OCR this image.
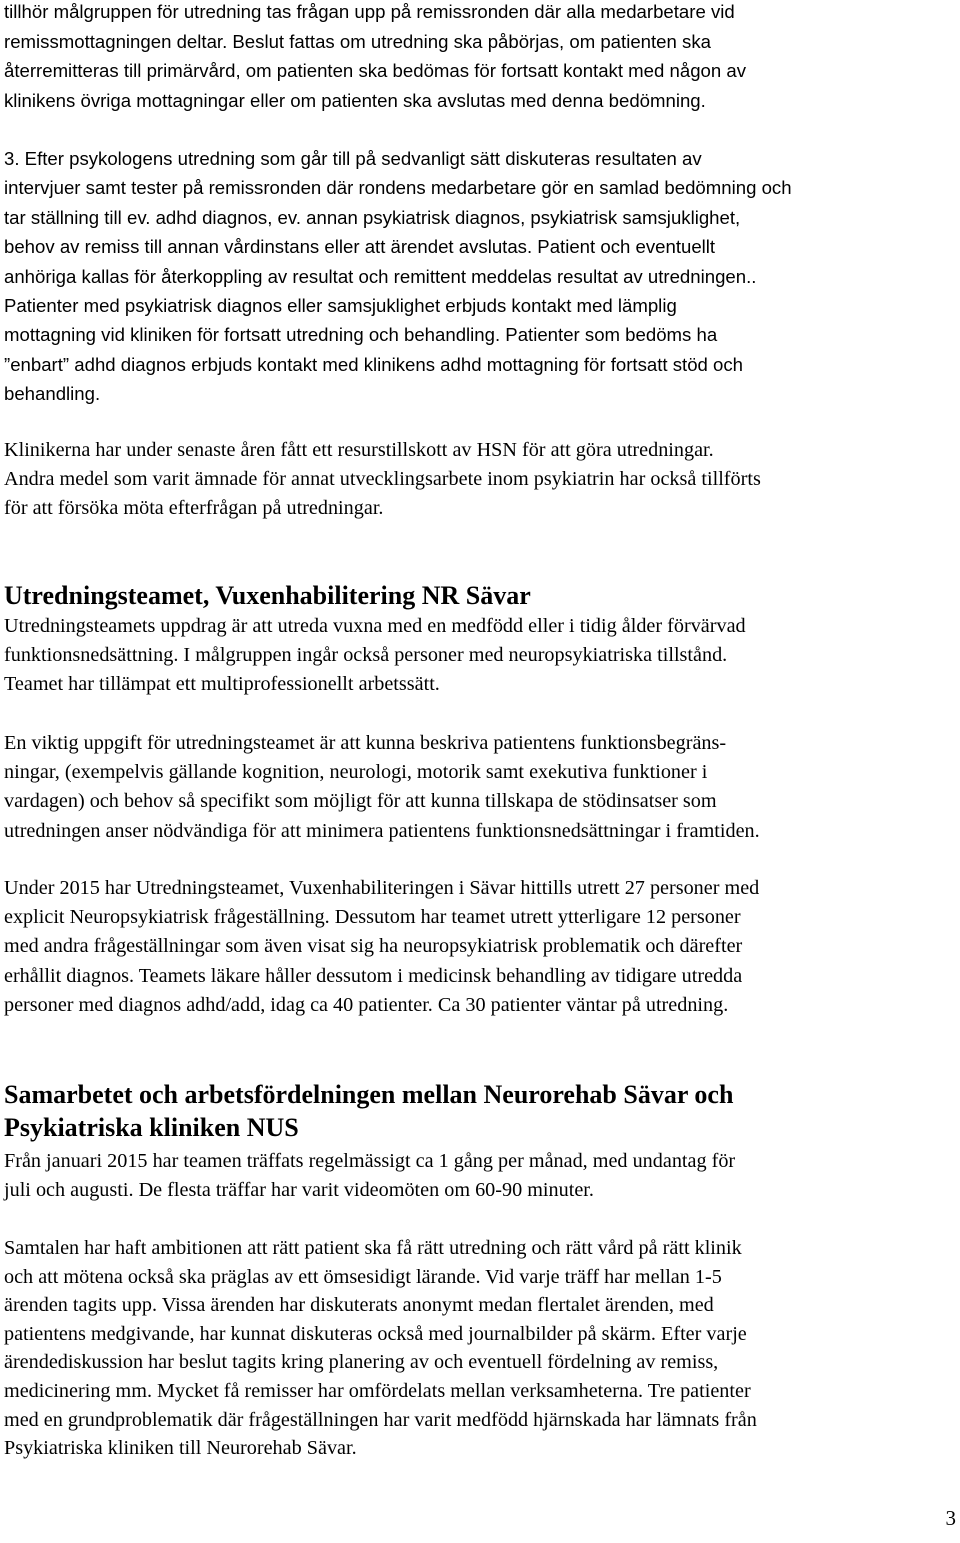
tillhör målgruppen för utredning tas frågan upp på remissronden där alla medarbetare vid
remissmottagningen deltar. Beslut fattas om utredning ska påbörjas, om patienten ska
återremitteras till primärvård, om patienten ska bedömas för fortsatt kontakt med någon av
klinikens övriga mottagningar eller om patienten ska avslutas med denna bedömning.
3. Efter psykologens utredning som går till på sedvanligt sätt diskuteras resultaten av
intervjuer samt tester på remissronden där rondens medarbetare gör en samlad bedömning och
tar ställning till ev. adhd diagnos, ev. annan psykiatrisk diagnos, psykiatrisk samsjuklighet,
behov av remiss till annan vårdinstans eller att ärendet avslutas. Patient och eventuellt
anhöriga kallas för återkoppling av resultat och remittent meddelas resultat av utredningen..
Patienter med psykiatrisk diagnos eller samsjuklighet erbjuds kontakt med lämplig
mottagning vid kliniken för fortsatt utredning och behandling. Patienter som bedöms ha
”enbart” adhd diagnos erbjuds kontakt med klinikens adhd mottagning för fortsatt stöd och
behandling.
Klinikerna har under senaste åren fått ett resurstillskott av HSN för att göra utredningar.
Andra medel som varit ämnade för annat utvecklingsarbete inom psykiatrin har också tillförts
för att försöka möta efterfrågan på utredningar.
Utredningsteamet, Vuxenhabilitering NR Sävar
Utredningsteamets uppdrag är att utreda vuxna med en medfödd eller i tidig ålder förvärvad
funktionsnedsättning. I målgruppen ingår också personer med neuropsykiatriska tillstånd.
Teamet har tillämpat ett multiprofessionellt arbetssätt.
En viktig uppgift för utredningsteamet är att kunna beskriva patientens funktionsbegräns-
ningar, (exempelvis gällande kognition, neurologi, motorik samt exekutiva funktioner i
vardagen) och behov så specifikt som möjligt för att kunna tillskapa de stödinsatser som
utredningen anser nödvändiga för att minimera patientens funktionsnedsättningar i framtiden.
Under 2015 har Utredningsteamet, Vuxenhabiliteringen i Sävar hittills utrett 27 personer med
explicit Neuropsykiatrisk frågeställning. Dessutom har teamet utrett ytterligare 12 personer
med andra frågeställningar som även visat sig ha neuropsykiatrisk problematik och därefter
erhållit diagnos. Teamets läkare håller dessutom i medicinsk behandling av tidigare utredda
personer med diagnos adhd/add, idag ca 40 patienter. Ca 30 patienter väntar på utredning.
Samarbetet och arbetsfördelningen mellan Neurorehab Sävar och
Psykiatriska kliniken NUS
Från januari 2015 har teamen träffats regelmässigt ca 1 gång per månad, med undantag för
juli och augusti. De flesta träffar har varit videomöten om 60-90 minuter.
Samtalen har haft ambitionen att rätt patient ska få rätt utredning och rätt vård på rätt klinik
och att mötena också ska präglas av ett ömsesidigt lärande. Vid varje träff har mellan 1-5
ärenden tagits upp. Vissa ärenden har diskuterats anonymt medan flertalet ärenden, med
patientens medgivande, har kunnat diskuteras också med journalbilder på skärm. Efter varje
ärendediskussion har beslut tagits kring planering av och eventuell fördelning av remiss,
medicinering mm. Mycket få remisser har omfördelats mellan verksamheterna. Tre patienter
med en grundproblematik där frågeställningen har varit medfödd hjärnskada har lämnats från
Psykiatriska kliniken till Neurorehab Sävar.
3
